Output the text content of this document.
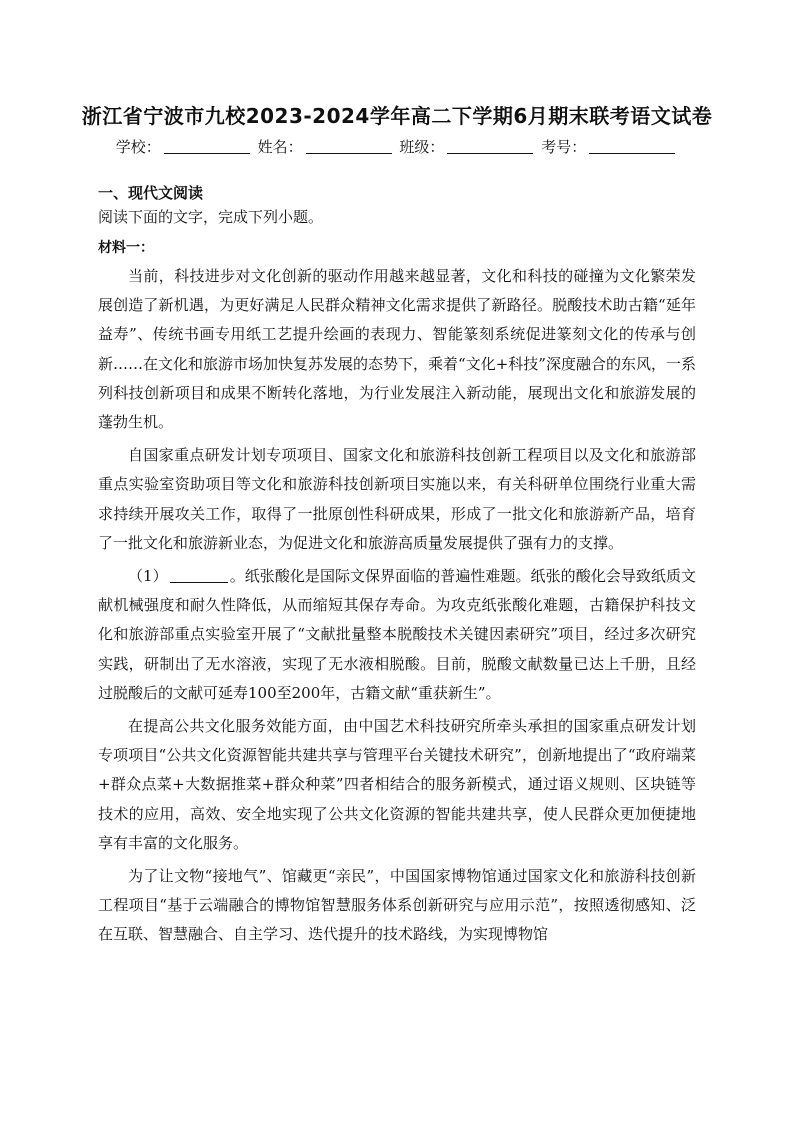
浙江省宁波市九校2023-2024学年高二下学期6月期末联考语文试卷
学校：	姓名：	班级：	考号：
一、现代文阅读
阅读下面的文字，完成下列小题。
材料一：

当前，科技进步对文化创新的驱动作用越来越显著，文化和科技的碰撞为文化繁荣发展创造了新机遇，为更好满足人民群众精神文化需求提供了新路径。脱酸技术助古籍“延年益寿”、传统书画专用纸工艺提升绘画的表现力、智能篆刻系统促进篆刻文化的传承与创新……在文化和旅游市场加快复苏发展的态势下，乘着“文化+科技”深度融合的东风，一系列科技创新项目和成果不断转化落地，为行业发展注入新动能，展现出文化和旅游发展的蓬勃生机。

自国家重点研发计划专项项目、国家文化和旅游科技创新工程项目以及文化和旅游部重点实验室资助项目等文化和旅游科技创新项目实施以来，有关科研单位围绕行业重大需求持续开展攻关工作，取得了一批原创性科研成果，形成了一批文化和旅游新产品，培育了一批文化和旅游新业态，为促进文化和旅游高质量发展提供了强有力的支撑。

（1）	。纸张酸化是国际文保界面临的普遍性难题。纸张的酸化会导致纸质文献机械强度和耐久性降低，从而缩短其保存寿命。为攻克纸张酸化难题，古籍保护科技文化和旅游部重点实验室开展了“文献批量整本脱酸技术关键因素研究”项目，经过多次研究实践，研制出了无水溶液，实现了无水液相脱酸。目前，脱酸文献数量已达上千册，且经过脱酸后的文献可延寿100至200年，古籍文献“重获新生”。

在提高公共文化服务效能方面，由中国艺术科技研究所牵头承担的国家重点研发计划专项项目“公共文化资源智能共建共享与管理平台关键技术研究”，创新地提出了“政府端菜+群众点菜+大数据推菜+群众种菜”四者相结合的服务新模式，通过语义规则、区块链等技术的应用，高效、安全地实现了公共文化资源的智能共建共享，使人民群众更加便捷地享有丰富的文化服务。

为了让文物“接地气”、馆藏更“亲民”，中国国家博物馆通过国家文化和旅游科技创新工程项目“基于云端融合的博物馆智慧服务体系创新研究与应用示范”，按照透彻感知、泛在互联、智慧融合、自主学习、迭代提升的技术路线，为实现博物馆
